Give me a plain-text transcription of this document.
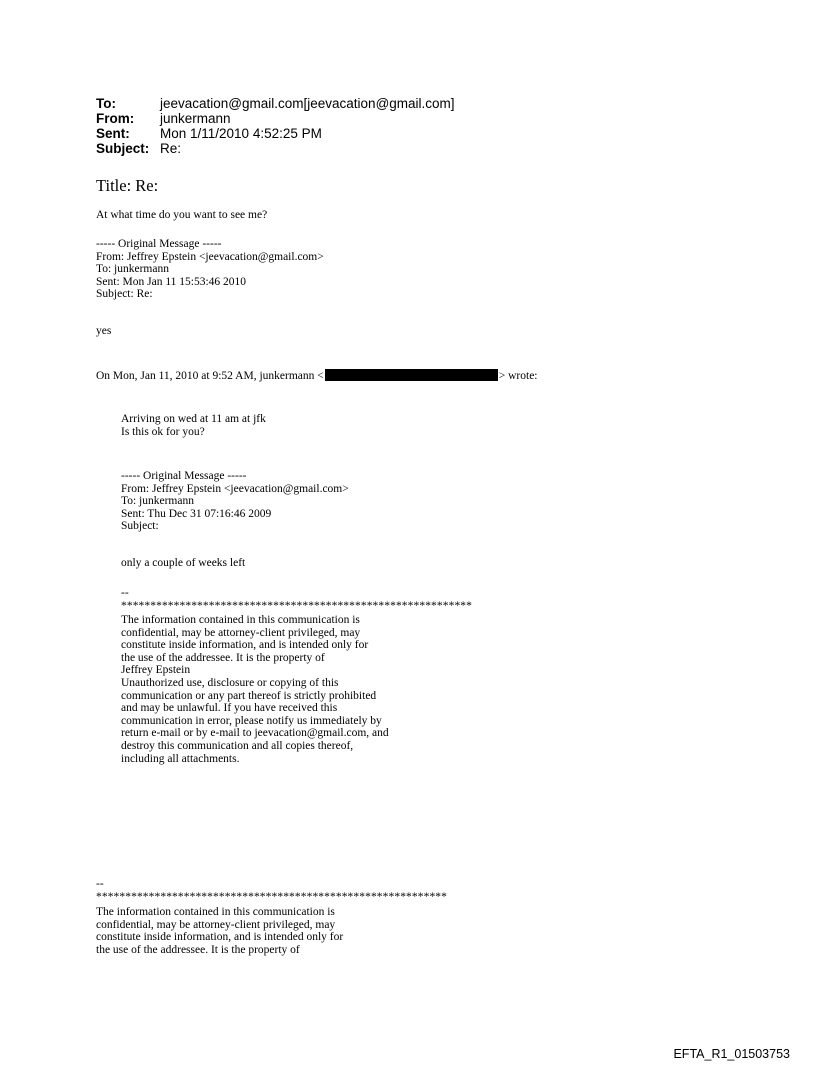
To:	jeevacation@gmail.com[jeevacation@gmail.com]
From:	junkermann
Sent:	Mon 1/11/2010 4:52:25 PM
Subject: Re:
Title: Re:
At what time do you want to see me?
----- Original Message -----
From: Jeffrey Epstein <jeevacation@gmail.com>
To: junkermann
Sent: Mon Jan 11 15:53:46 2010
Subject: Re:
yes
On Mon, Jan 11, 2010 at 9:52 AM, junkermann <	> wrote:
Arriving on wed at 11 am at jfk
Is this ok for you?
----- Original Message -----
From: Jeffrey Epstein <jeevacation@gmail.com>
To: junkermann
Sent: Thu Dec 31 07:16:46 2009
Subject:
only a couple of weeks left
--
************************************************************
The information contained in this communication is
confidential, may be attorney-client privileged, may
constitute inside information, and is intended only for
the use of the addressee. It is the property of
Jeffrey Epstein
Unauthorized use, disclosure or copying of this
communication or any part thereof is strictly prohibited
and may be unlawful. If you have received this
communication in error, please notify us immediately by
return e-mail or by e-mail to jeevacation@gmail.com, and
destroy this communication and all copies thereof,
including all attachments.
--
************************************************************
The information contained in this communication is
confidential, may be attorney-client privileged, may
constitute inside information, and is intended only for
the use of the addressee. It is the property of
EFTA_R1_01503753
